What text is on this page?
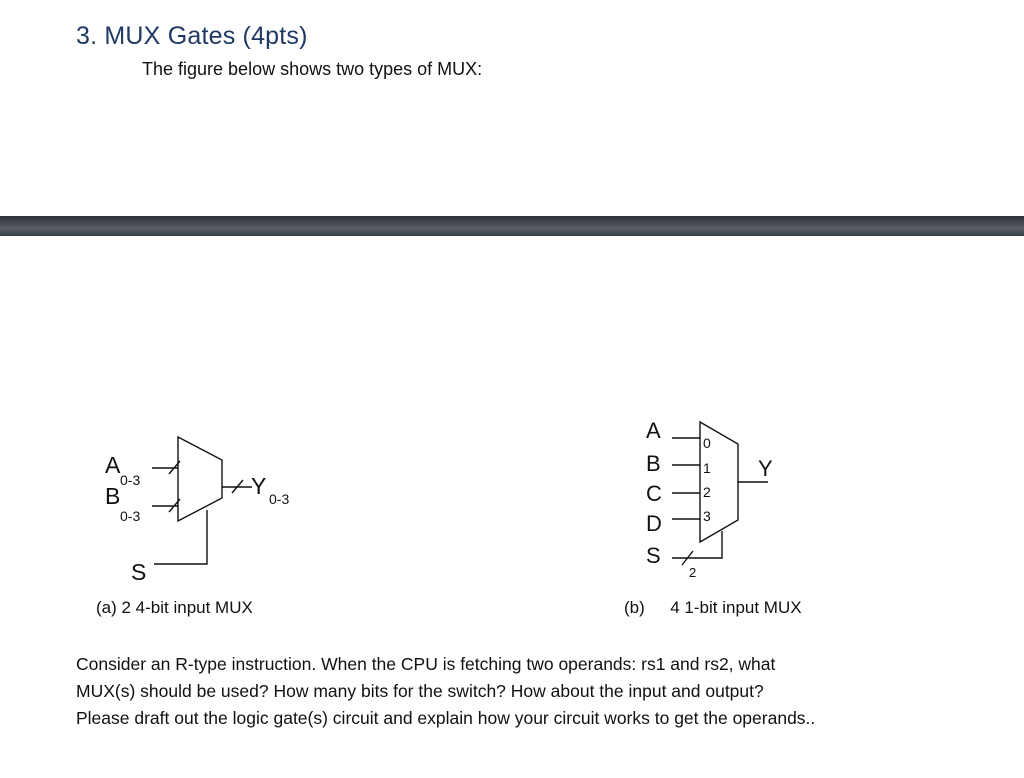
3. MUX Gates (4pts)
The figure below shows two types of MUX:
A
0-3
B
0-3
Y 0-3
S
A
B
C
D
S
0
1
2
3
2
Y
(a) 2 4-bit input MUX	(b) 4 1-bit input MUX
Consider an R-type instruction. When the CPU is fetching two operands: rs1 and rs2, what
MUX(s) should be used? How many bits for the switch? How about the input and output?
Please draft out the logic gate(s) circuit and explain how your circuit works to get the operands..
